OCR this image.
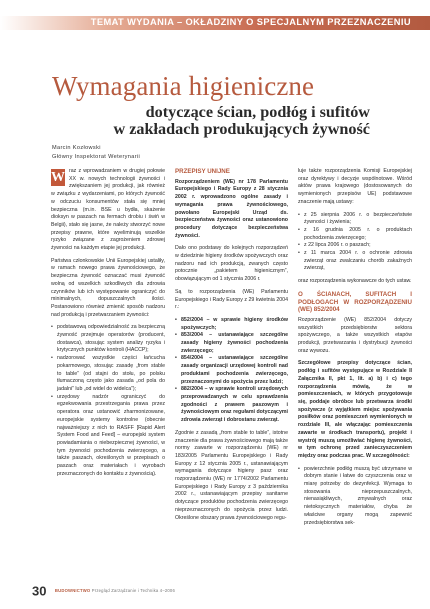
TEMAT WYDANIA – OKŁADZINY O SPECJALNYM PRZEZNACZENIU
Wymagania higieniczne
dotyczące ścian, podłóg i sufitów
w zakładach produkujących żywność
Marcin Kozłowski
Główny Inspektorat Weterynarii

W raz z wprowadzaniem w drugiej połowie XX w. nowych technologii żywności i zwiększaniem jej produkcji, jak również w związku z wydarzeniami, po których żywność w odczuciu konsumentów stała się mniej bezpieczna (m.in. BSE u bydła, skażenie dioksyn w paszach na fermach drobiu i świń w Belgii), stało się jasne, że należy stworzyć nowe przepisy prawne, które wyeliminują wszelkie ryzyko związane z zagrożeniem zdrowej żywności na każdym etapie jej produkcji.

Państwa członkowskie Unii Europejskiej ustaliły, w ramach nowego prawa żywnościowego, że bezpieczna żywność oznaczać musi żywność wolną od wszelkich szkodliwych dla zdrowia czynników lub ich występowanie ograniczyć do minimalnych, dopuszczalnych ilości. Postanowiono również zmienić sposób nadzoru nad produkcją i przetwarzaniem żywności:

• podstawową odpowiedzialność za bezpieczną żywność przejmuje operatorów (producent, dostawca), stosując system analizy ryzyka i krytycznych punktów kontroli (HACCP);
• nadzorować wszystkie części łańcucha pokarmowego, stosując zasadę „from stable to table” (od stajni do stołu, po polsku tłumaczoną często jako zasada „od pola do jadalni” lub „od widel do widelca”);
• urzędowy nadzór ograniczyć do egzekwowania przestrzegania prawa przez operatora oraz ustanowić zharmonizowane, europejskie systemy kontrolne (obecnie najważniejszy z nich to RASFF [Rapid Alert System Food and Feed] – europejski system powiadamiania o niebezpiecznej żywności, w tym żywności pochodzenia zwierzęcego, a także paszach, określonych w przepisach o paszach oraz materiałach i wyrobach przeznaczonych do kontaktu z żywnością).
PRZEPISY UNIJNE

Rozporządzeniem (WE) nr 178 Parlamentu Europejskiego i Rady Europy z 28 stycznia 2002 r. wprowadzono ogólne zasady i wymagania prawa żywnościowego, powołano Europejski Urząd ds. bezpieczeństwa żywności oraz ustanowiono procedury dotyczące bezpieczeństwa żywności.

Dało ono podstawy do kolejnych rozporządzeń w dziedzinie higieny środków spożywczych oraz nadzoru nad ich produkcją, zwanych często potocznie „pakietem higienicznym”, obowiązującym od 1 stycznia 2006 r.

Są to rozporządzenia (WE) Parlamentu Europejskiego i Rady Europy z 29 kwietnia 2004 r.:

• 852/2004 – w sprawie higieny środków spożywczych;
• 853/2004 – ustanawiające szczególne zasady higieny żywności pochodzenia zwierzęcego;
• 854/2004 – ustanawiające szczególne zasady organizacji urzędowej kontroli nad produktami pochodzenia zwierzęcego, przeznaczonymi do spożycia przez ludzi;
• 882/2004 – w sprawie kontroli urzędowych przeprowadzanych w celu sprawdzenia zgodności z prawem paszowym i żywnościowym oraz regułami dotyczącymi zdrowia zwierząt i dobrostanu zwierząt.

Zgodnie z zasadą „from stable to table”, istotne znaczenie dla prawa żywnościowego mają także normy zawarte w rozporządzeniu (WE) nr 183/2005 Parlamentu Europejskiego i Rady Europy z 12 stycznia 2005 r., ustanawiającym wymagania dotyczące higieny pasz oraz rozporządzeniu (WE) nr 1774/2002 Parlamentu Europejskiego i Rady Europy z 3 października 2002 r., ustanawiającym przepisy sanitarne dotyczące produktów pochodzenia zwierzęcego nieprzeznaczonych do spożycia przez ludzi. Określone obszary prawa żywnościowego regu-

luje także rozporządzenia Komisji Europejskiej oraz dyrektywy i decyzje wspólnotowe. Wśród aktów prawa krajowego (dostosowanych do wymienionych przepisów UE) podstawowe znaczenie mają ustawy:

• z 25 sierpnia 2006 r. o bezpieczeństwie żywności i żywienia;
• z 16 grudnia 2005 r. o produktach pochodzenia zwierzęcego;
• z 22 lipca 2006 r. o paszach;
• z 11 marca 2004 r. o ochronie zdrowia zwierząt oraz zwalczaniu chorób zakaźnych zwierząt,

oraz rozporządzenia wykonawcze do tych ustaw.

O ŚCIANACH, SUFITACH I PODŁOGACH W ROZPORZĄDZENIU (WE) 852/2004

Rozporządzenie (WE) 852/2004 dotyczy wszystkich przedsiębiorstw sektora spożywczego, a także wszystkich etapów produkcji, przetwarzania i dystrybucji żywności oraz wywozu.

Szczegółowe przepisy dotyczące ścian, podłóg i sufitów występujące w Rozdziale II Załącznika II, pkt 1, lit. a) b) i c) tego rozporządzenia mówią, że w pomieszczeniach, w których przygotowuje się, poddaje obróbce lub przetwarza środki spożywcze (z wyjątkiem miejsc spożywania posiłków oraz pomieszczeń wymienionych w rozdziale III, ale włączając pomieszczenia zawarte w środkach transportu), projekt i wystrój muszą umożliwiać higienę żywności, w tym ochronę przed zanieczyszczeniem między oraz podczas prac. W szczególności:

• powierzchnie podłóg muszą być utrzymane w dobrym stanie i łatwe do czyszczenia oraz w miarę potrzeby do dezynfekcji. Wymaga to stosowania nieprzepuszczalnych, nienasiąkliwych, zmywalnych oraz nietoksycznych materiałów, chyba że właściwe organy mogą zapewnić przedsiębiorstwa sek-
30 BUDOWNICTWO Przegląd Zarządzanie i Technika 4–2006
